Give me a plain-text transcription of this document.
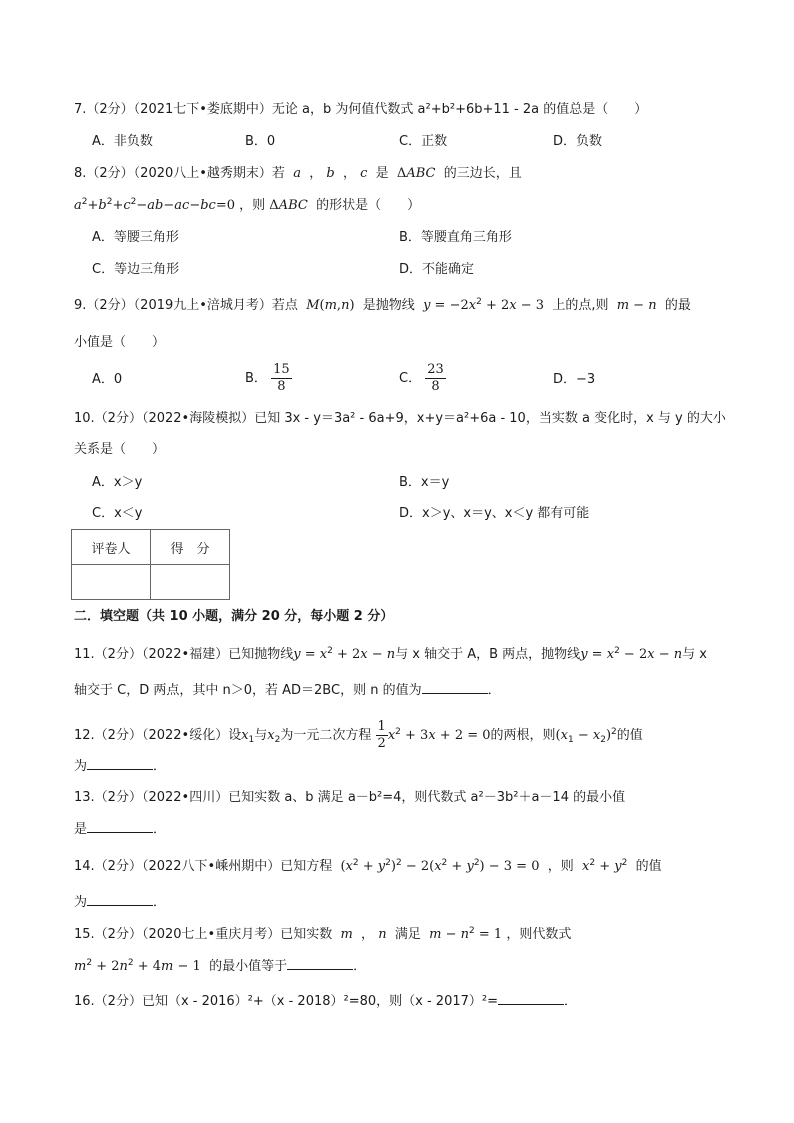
7.（2分）（2021七下•娄底期中）无论 a，b 为何值代数式 a²+b²+6b+11 - 2a 的值总是（　　）
A．非负数	B．0	C．正数	D．负数
8.（2分）（2020八上•越秀期末）若 a  ， b  ， c  是  ΔABC 的三边长，且
$a^2+b^2+c^2-ab-ac-bc=0$ ，则 ΔABC 的形状是（　　）
A．等腰三角形	B．等腰直角三角形
C．等边三角形	D．不能确定
9.（2分）（2019九上•涪城月考）若点 M(m,n) 是抛物线 $y = -2x^2 + 2x - 3$ 上的点,则 m − n 的最
小值是（　　）
A．0	B． $\frac{15}{8}$	C． $\frac{23}{8}$	D．−3
10.（2分）（2022•海陵模拟）已知 3x - y＝3a² - 6a+9，x+y＝a²+6a - 10，当实数 a 变化时，x 与 y 的大小
关系是（　　）
A．x＞y	B．x＝y
C．x＜y	D．x＞y、x＝y、x＜y 都有可能
评卷人	得　分

二．填空题（共 10 小题，满分 20 分，每小题 2 分）
11.（2分）（2022•福建）已知抛物线$y = x^2 + 2x - n$与 x 轴交于 A，B 两点，抛物线$y = x^2 - 2x - n$与 x
轴交于 C，D 两点，其中 n＞0，若 AD＝2BC，则 n 的值为	．
12.（2分）（2022•绥化）设$x_1$与$x_2$为一元二次方程 $\frac{1}{2} x^2 + 3x + 2 = 0$的两根，则$(x_1 - x_2)^2$的值
为	．
13.（2分）（2022•四川）已知实数 a、b 满足 a－b²=4，则代数式 a²－3b²＋a－14 的最小值
是	．
14.（2分）（2022八下•嵊州期中）已知方程 $(x^2 + y^2)^2 - 2(x^2 + y^2) - 3 = 0$ ，则 $x^2 + y^2$ 的值
为	．
15.（2分）（2020七上•重庆月考）已知实数 m  ， n 满足 $m - n^2 = 1$ ，则代数式
$m^2 + 2n^2 + 4m - 1$ 的最小值等于	．
16.（2分）已知（x - 2016）²+（x - 2018）²=80，则（x - 2017）²=	．
